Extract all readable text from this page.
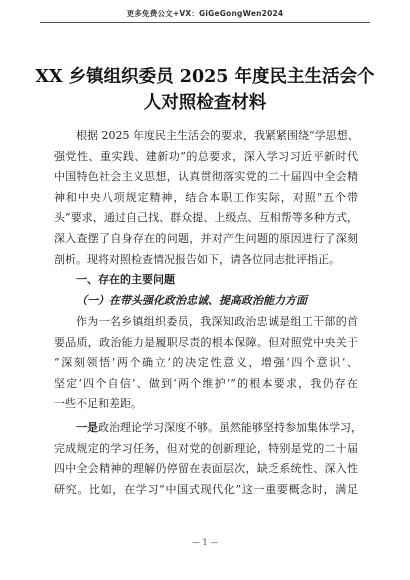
更多免费公文+VX：GiGeGongWen2024
XX 乡镇组织委员 2025 年度民主生活会个
人对照检查材料
根据 2025 年度民主生活会的要求，我紧紧围绕“学思想、
强党性、重实践、建新功”的总要求，深入学习习近平新时代
中国特色社会主义思想，认真贯彻落实党的二十届四中全会精
神和中央八项规定精神，结合本职工作实际，对照“五个带
头”要求，通过自己找、群众提、上级点、互相帮等多种方式，
深入查摆了自身存在的问题，并对产生问题的原因进行了深刻
剖析。现将对照检查情况报告如下，请各位同志批评指正。
一、存在的主要问题
（一）在带头强化政治忠诚、提高政治能力方面
作为一名乡镇组织委员，我深知政治忠诚是组工干部的首
要品质，政治能力是履职尽责的根本保障。但对照党中央关于
“深刻领悟‘两个确立’的决定性意义，增强‘四个意识’、
坚定‘四个自信’、做到‘两个维护’”的根本要求，我仍存在
一些不足和差距。
一是政治理论学习深度不够。虽然能够坚持参加集体学习，
完成规定的学习任务，但对党的创新理论，特别是党的二十届
四中全会精神的理解仍停留在表面层次，缺乏系统性、深入性
研究。比如，在学习“中国式现代化”这一重要概念时，满足
— 1 —
